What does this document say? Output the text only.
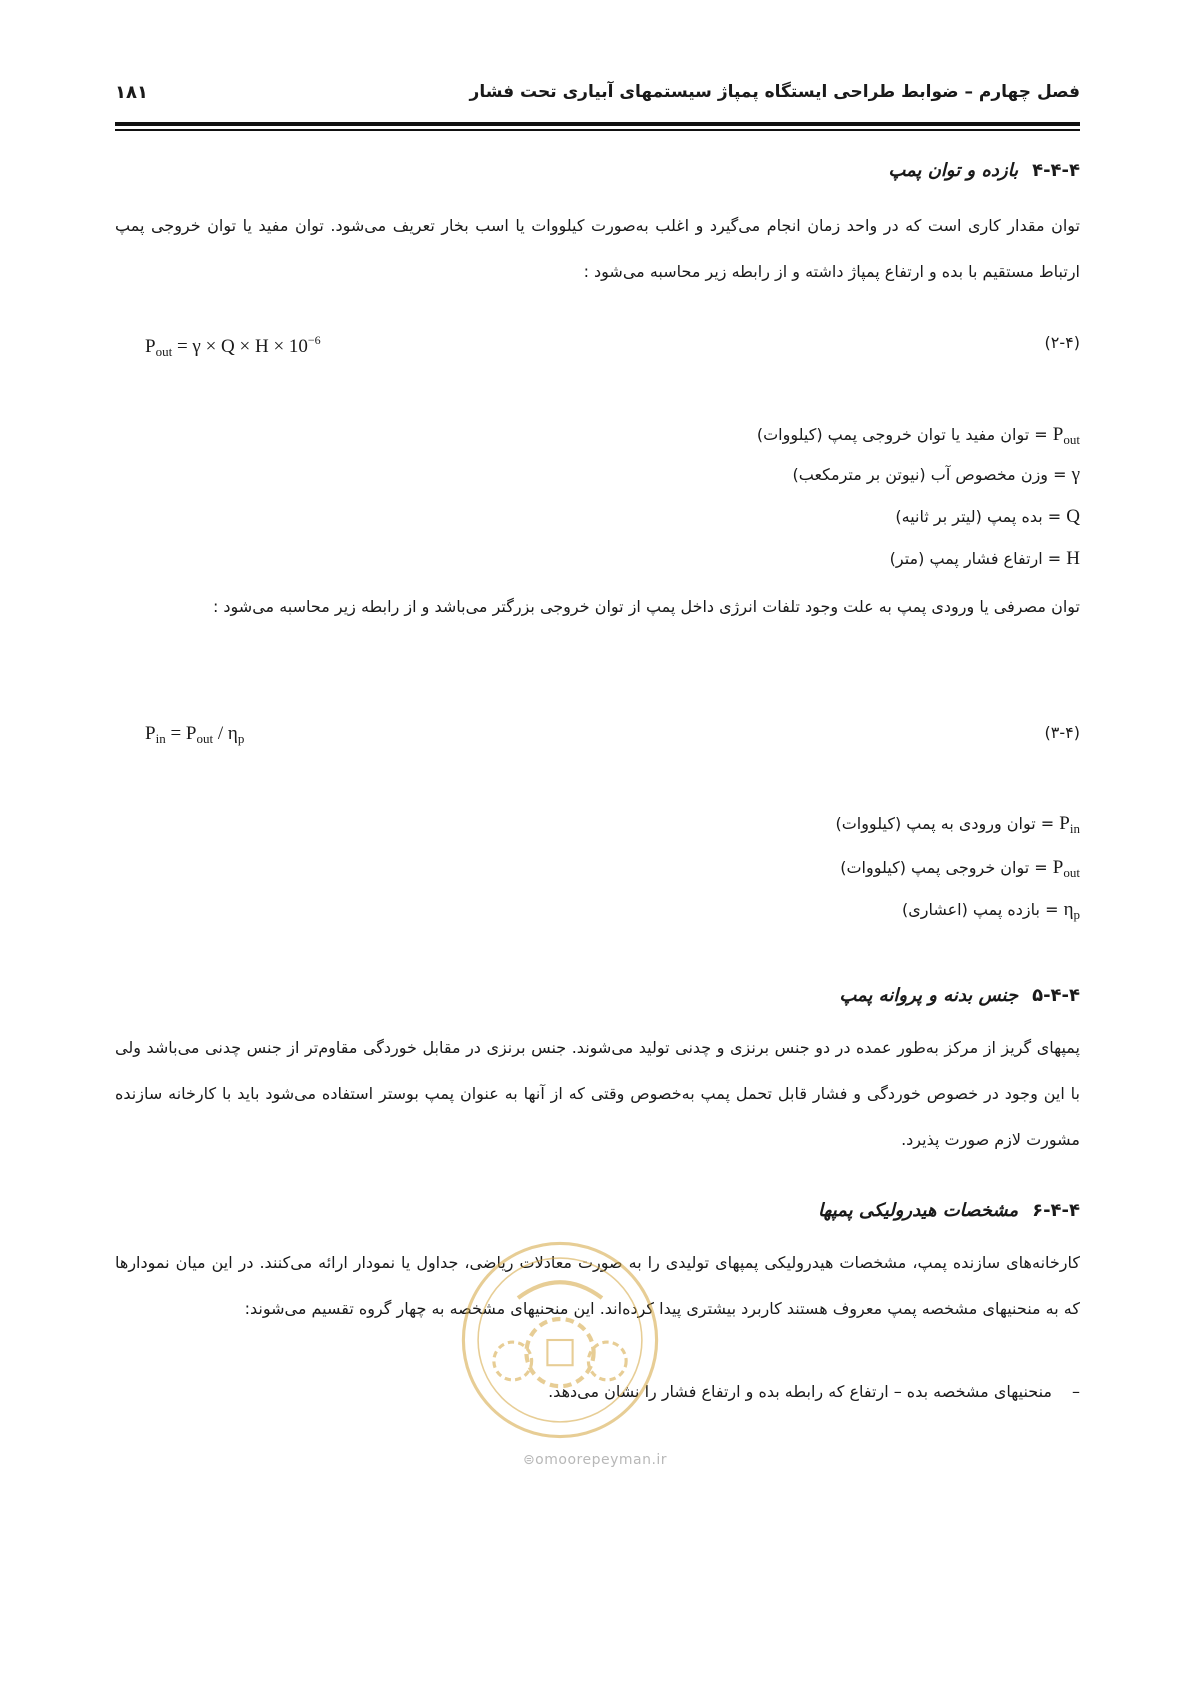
۱۸۱	فصل چهارم – ضوابط طراحی ایستگاه پمپاژ سیستمهای آبیاری تحت فشار
۴-۴-۴بازده و توان پمپ
توان مقدار کاری است که در واحد زمان انجام می‌گیرد و اغلب به‌صورت کیلووات یا اسب بخار تعریف می‌شود. توان مفید یا توان خروجی پمپ ارتباط مستقیم با بده و ارتفاع پمپاژ داشته و از رابطه زیر محاسبه می‌شود :
$P_{out} = \gamma \times Q \times H \times 10^{-6}$	(۲-۴)
$P_{out}$ = توان مفید یا توان خروجی پمپ (کیلووات)
γ = وزن مخصوص آب (نیوتن بر مترمکعب)
Q = بده پمپ (لیتر بر ثانیه)
H = ارتفاع فشار پمپ (متر)
توان مصرفی یا ورودی پمپ به علت وجود تلفات انرژی داخل پمپ از توان خروجی بزرگتر می‌باشد و از رابطه زیر محاسبه می‌شود :
$P_{in} = P_{out} / \eta_p$	(۳-۴)
$P_{in}$ = توان ورودی به پمپ (کیلووات)
$P_{out}$ = توان خروجی پمپ (کیلووات)
$\eta_p$ = بازده پمپ (اعشاری)
۵-۴-۴جنس بدنه و پروانه پمپ
پمپهای گریز از مرکز به‌طور عمده در دو جنس برنزی و چدنی تولید می‌شوند. جنس برنزی در مقابل خوردگی مقاوم‌تر از جنس چدنی می‌باشد ولی با این وجود در خصوص خوردگی و فشار قابل تحمل پمپ به‌خصوص وقتی که از آنها به عنوان پمپ بوستر استفاده می‌شود باید با کارخانه سازنده مشورت لازم صورت پذیرد.
۶-۴-۴مشخصات هیدرولیکی پمپها
کارخانه‌های سازنده پمپ، مشخصات هیدرولیکی پمپهای تولیدی را به صورت معادلات ریاضی، جداول یا نمودار ارائه می‌کنند. در این میان نمودارها که به منحنیهای مشخصه پمپ معروف هستند کاربرد بیشتری پیدا کرده‌اند. این منحنیهای مشخصه به چهار گروه تقسیم می‌شوند:
–منحنیهای مشخصه بده – ارتفاع که رابطه بده و ارتفاع فشار را نشان می‌دهد.
⊜omoorepeyman.ir
